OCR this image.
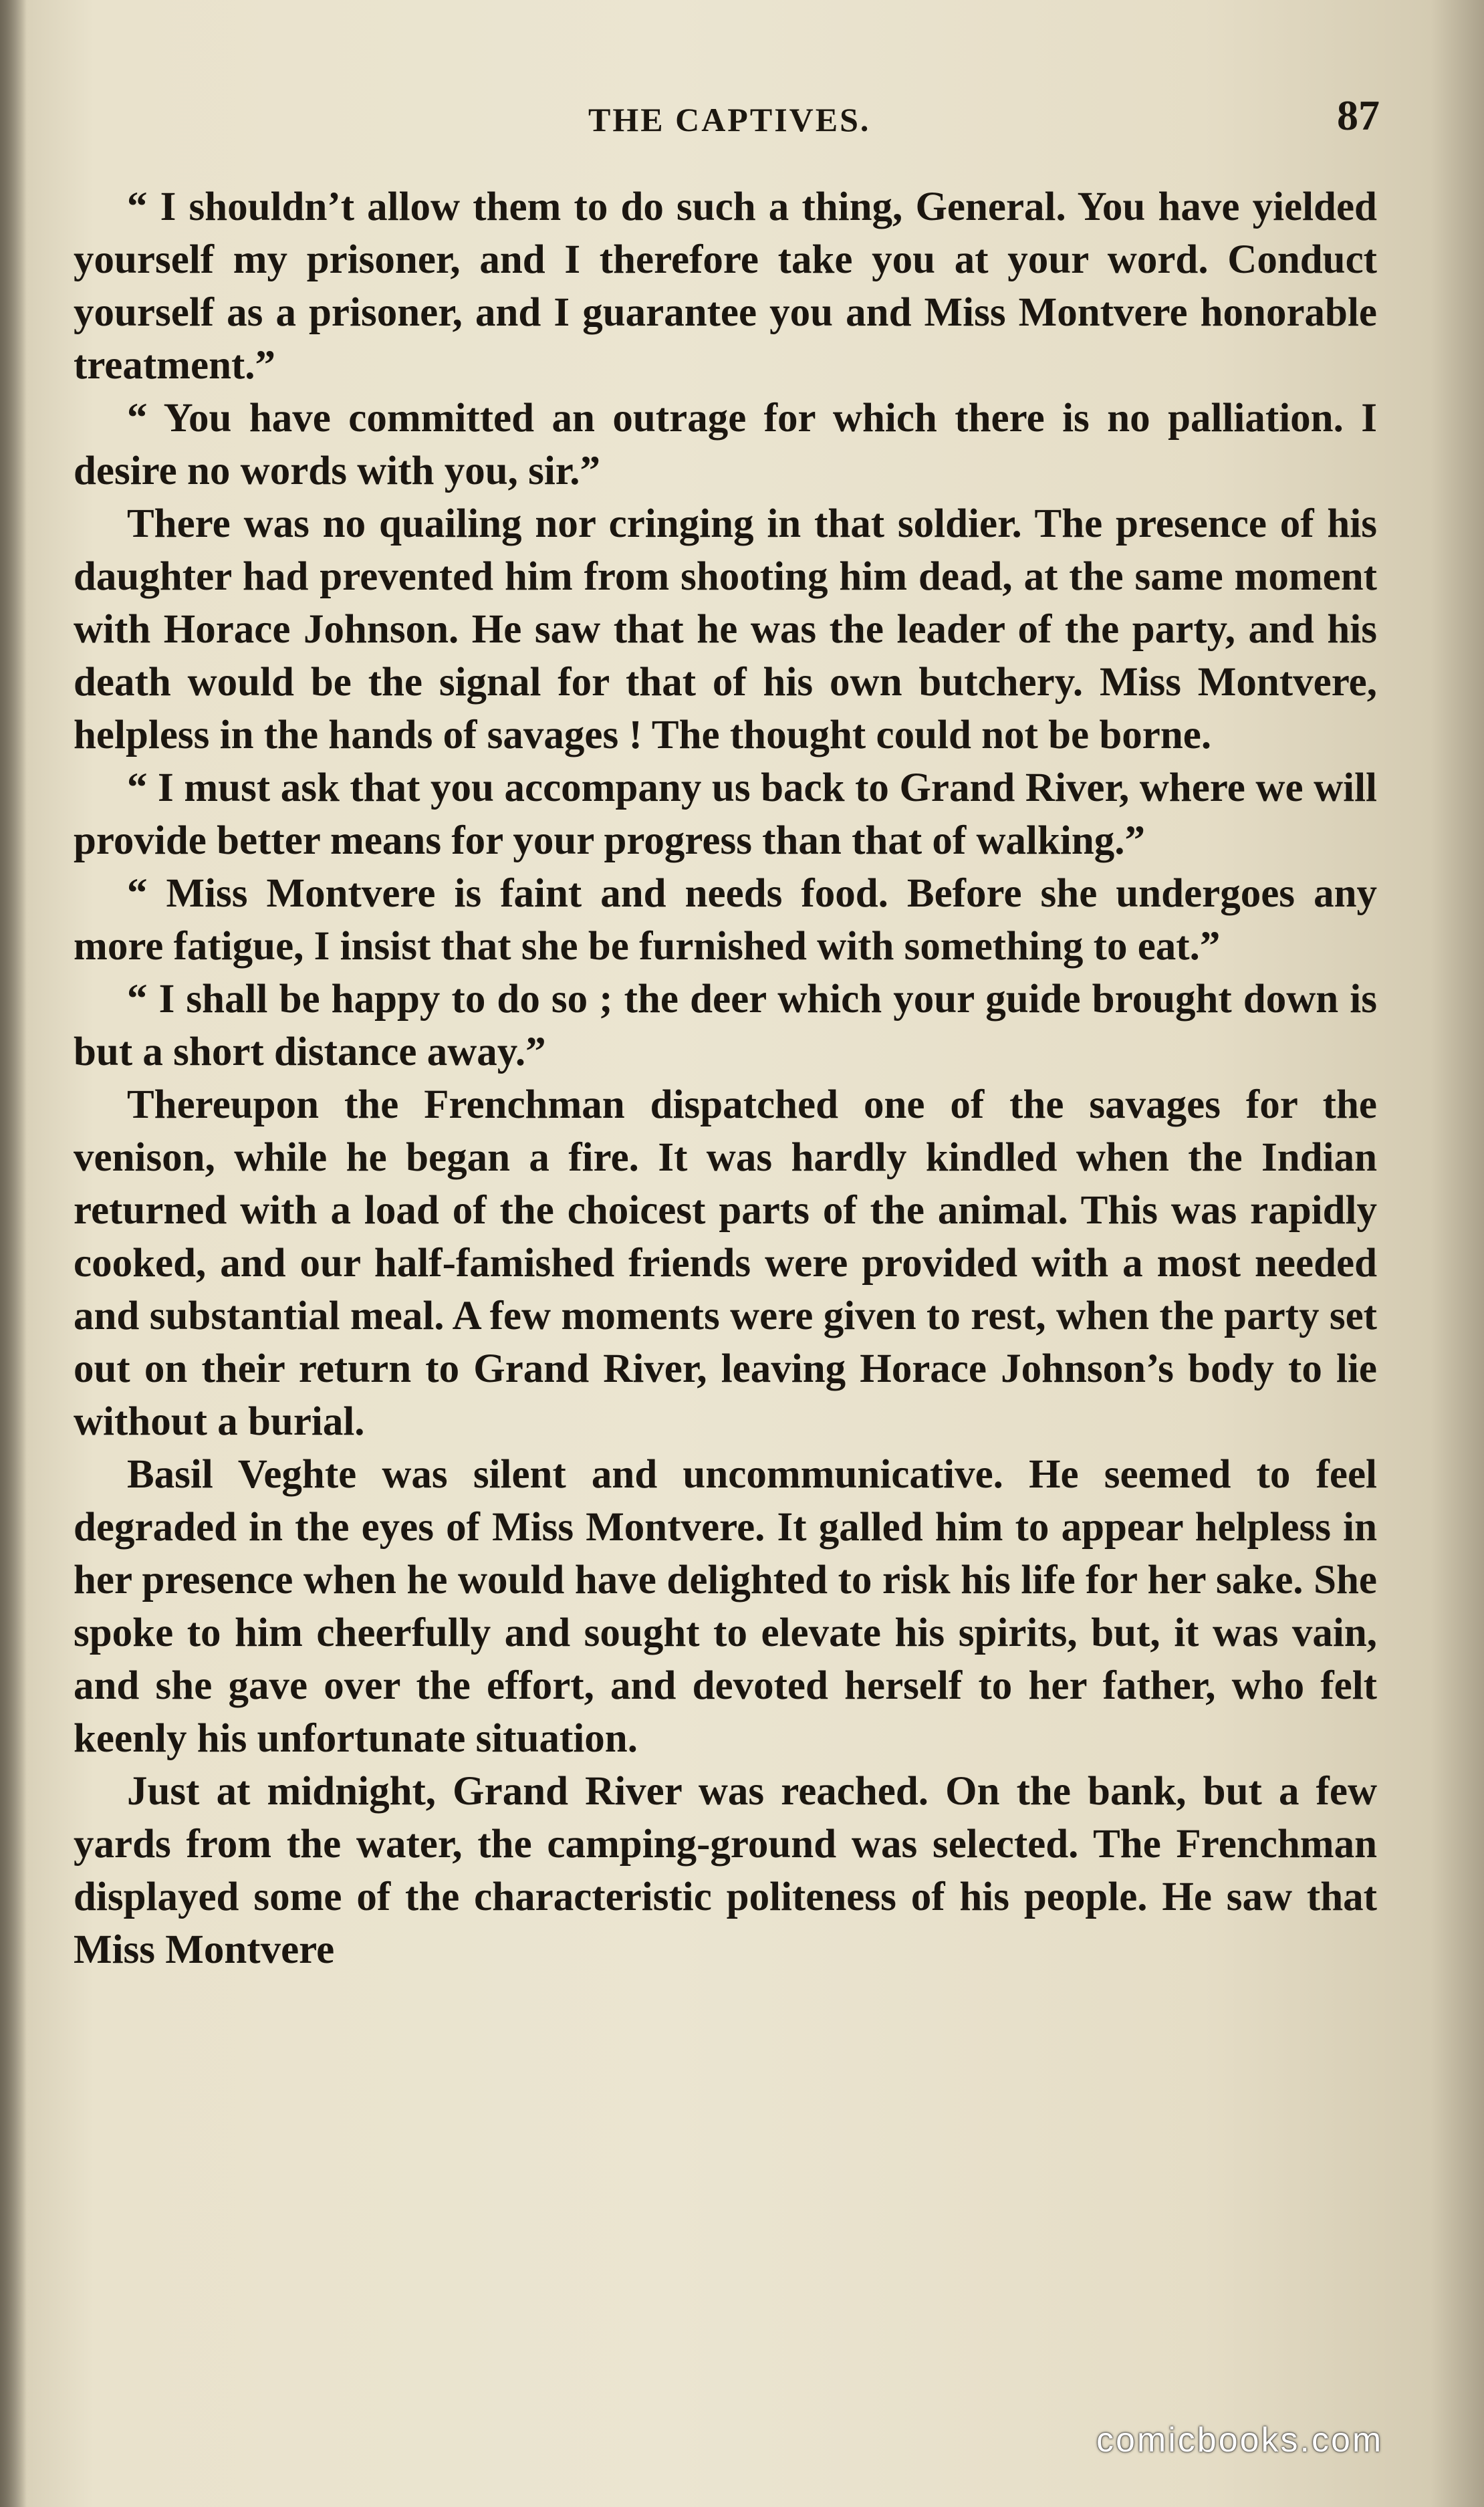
THE CAPTIVES.	87

“ I shouldn’t allow them to do such a thing, General. You have yielded yourself my prisoner, and I therefore take you at your word. Conduct yourself as a prisoner, and I guarantee you and Miss Montvere honorable treatment.”

“ You have committed an outrage for which there is no palliation. I desire no words with you, sir.”

There was no quailing nor cringing in that soldier. The presence of his daughter had prevented him from shooting him dead, at the same moment with Horace Johnson. He saw that he was the leader of the party, and his death would be the signal for that of his own butchery. Miss Montvere, helpless in the hands of savages ! The thought could not be borne.

“ I must ask that you accompany us back to Grand River, where we will provide better means for your progress than that of walking.”

“ Miss Montvere is faint and needs food. Before she undergoes any more fatigue, I insist that she be furnished with something to eat.”

“ I shall be happy to do so ; the deer which your guide brought down is but a short distance away.”

Thereupon the Frenchman dispatched one of the savages for the venison, while he began a fire. It was hardly kindled when the Indian returned with a load of the choicest parts of the animal. This was rapidly cooked, and our half-famished friends were provided with a most needed and substantial meal. A few moments were given to rest, when the party set out on their return to Grand River, leaving Horace Johnson’s body to lie without a burial.

Basil Veghte was silent and uncommunicative. He seemed to feel degraded in the eyes of Miss Montvere. It galled him to appear helpless in her presence when he would have delighted to risk his life for her sake. She spoke to him cheerfully and sought to elevate his spirits, but, it was vain, and she gave over the effort, and devoted herself to her father, who felt keenly his unfortunate situation.

Just at midnight, Grand River was reached. On the bank, but a few yards from the water, the camping-ground was selected. The Frenchman displayed some of the characteristic politeness of his people. He saw that Miss Montvere

comicbooks.com
